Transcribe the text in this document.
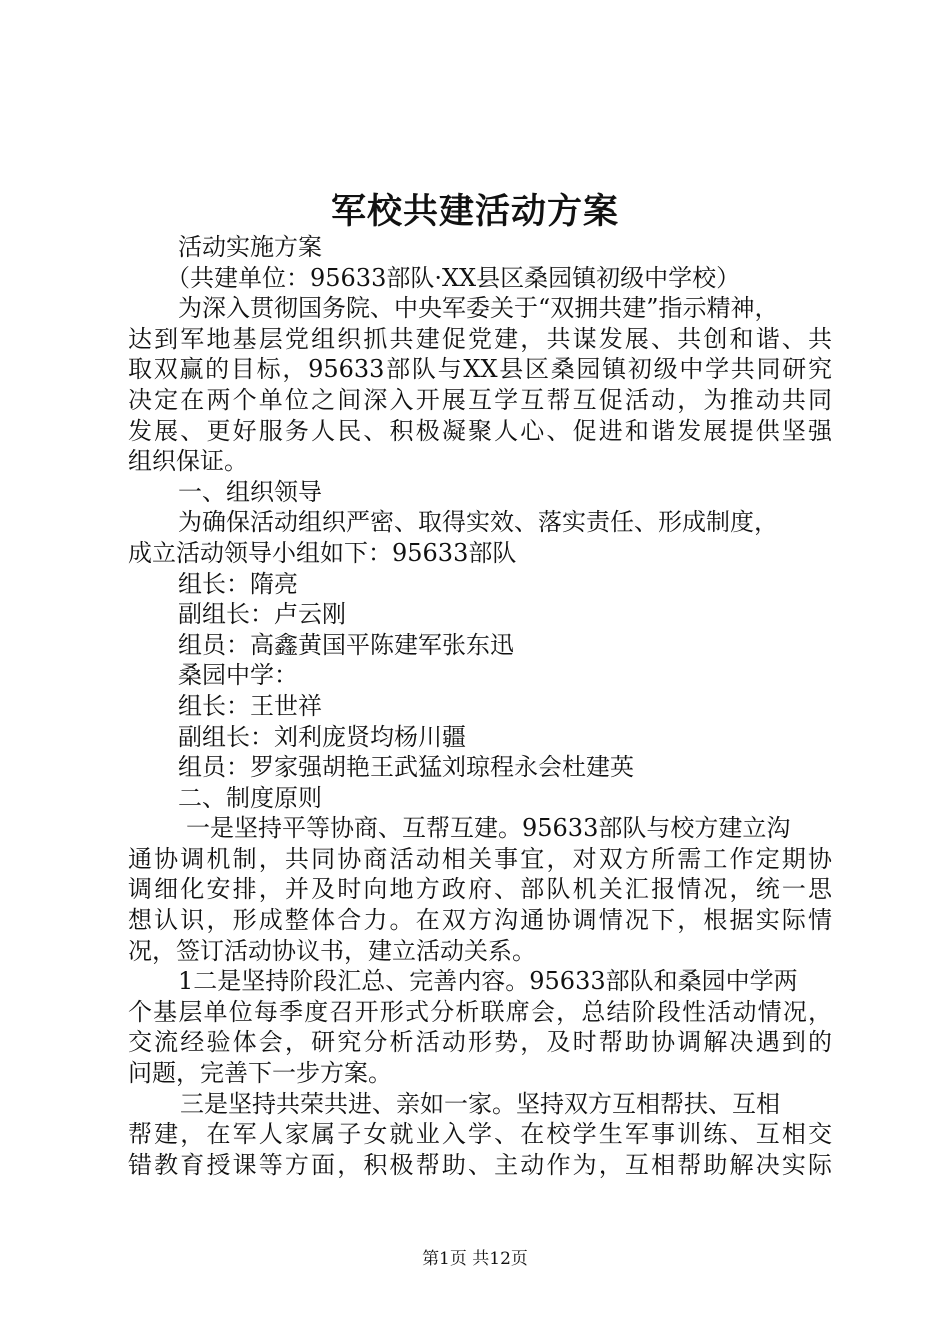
军校共建活动方案
活动实施方案
（共建单位：95633部队·XX县区桑园镇初级中学校）
为深入贯彻国务院、中央军委关于“双拥共建”指示精神，
达到军地基层党组织抓共建促党建，共谋发展、共创和谐、共
取双赢的目标，95633部队与XX县区桑园镇初级中学共同研究
决定在两个单位之间深入开展互学互帮互促活动，为推动共同
发展、更好服务人民、积极凝聚人心、促进和谐发展提供坚强
组织保证。
一、组织领导
为确保活动组织严密、取得实效、落实责任、形成制度，
成立活动领导小组如下：95633部队
组长：隋亮
副组长：卢云刚
组员：高鑫黄国平陈建军张东迅
桑园中学：
组长：王世祥
副组长：刘利庞贤均杨川疆
组员：罗家强胡艳王武猛刘琼程永会杜建英
二、制度原则
一是坚持平等协商、互帮互建。95633部队与校方建立沟
通协调机制，共同协商活动相关事宜，对双方所需工作定期协
调细化安排，并及时向地方政府、部队机关汇报情况，统一思
想认识，形成整体合力。在双方沟通协调情况下，根据实际情
况，签订活动协议书，建立活动关系。
1二是坚持阶段汇总、完善内容。95633部队和桑园中学两
个基层单位每季度召开形式分析联席会，总结阶段性活动情况，
交流经验体会，研究分析活动形势，及时帮助协调解决遇到的
问题，完善下一步方案。
三是坚持共荣共进、亲如一家。坚持双方互相帮扶、互相
帮建，在军人家属子女就业入学、在校学生军事训练、互相交
错教育授课等方面，积极帮助、主动作为，互相帮助解决实际
第1页 共12页
